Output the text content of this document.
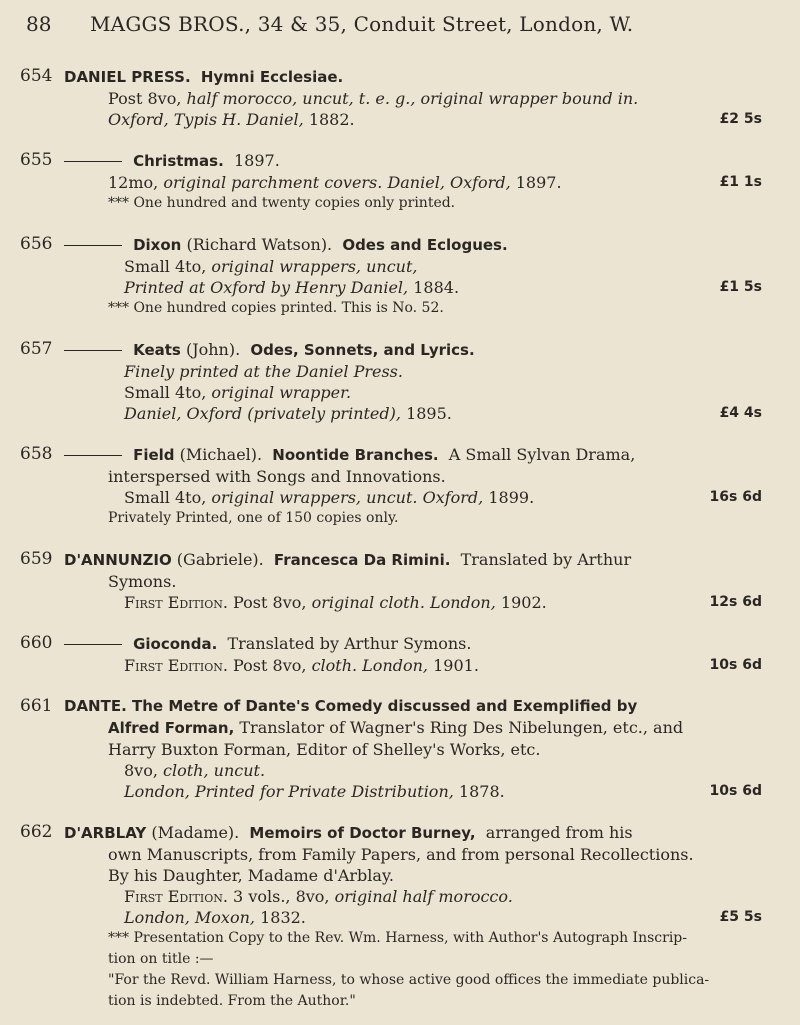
88	MAGGS BROS., 34 & 35, Conduit Street, London, W.
654 DANIEL PRESS. Hymni Ecclesiae.
Post 8vo, half morocco, uncut, t. e. g., original wrapper bound in.
Oxford, Typis H. Daniel, 1882.	£2 5s
655	Christmas. 1897.
12mo, original parchment covers. Daniel, Oxford, 1897.	£1 1s
*** One hundred and twenty copies only printed.
656	Dixon (Richard Watson). Odes and Eclogues.
Small 4to, original wrappers, uncut,
Printed at Oxford by Henry Daniel, 1884.	£1 5s
*** One hundred copies printed. This is No. 52.
657	Keats (John). Odes, Sonnets, and Lyrics.
Finely printed at the Daniel Press.
Small 4to, original wrapper.
Daniel, Oxford (privately printed), 1895.	£4 4s
658	Field (Michael). Noontide Branches. A Small Sylvan Drama,
interspersed with Songs and Innovations.
Small 4to, original wrappers, uncut. Oxford, 1899.	16s 6d
Privately Printed, one of 150 copies only.
659 D'ANNUNZIO (Gabriele). Francesca Da Rimini. Translated by Arthur
Symons.
First Edition. Post 8vo, original cloth. London, 1902.	12s 6d
660	Gioconda. Translated by Arthur Symons.
First Edition. Post 8vo, cloth. London, 1901.	10s 6d
661 DANTE. The Metre of Dante's Comedy discussed and Exemplified by
Alfred Forman, Translator of Wagner's Ring Des Nibelungen, etc., and
Harry Buxton Forman, Editor of Shelley's Works, etc.
8vo, cloth, uncut.
London, Printed for Private Distribution, 1878.	10s 6d
662 D'ARBLAY (Madame). Memoirs of Doctor Burney, arranged from his
own Manuscripts, from Family Papers, and from personal Recollections.
By his Daughter, Madame d'Arblay.
First Edition. 3 vols., 8vo, original half morocco.
London, Moxon, 1832.	£5 5s
*** Presentation Copy to the Rev. Wm. Harness, with Author's Autograph Inscrip-
tion on title :—
"For the Revd. William Harness, to whose active good offices the immediate publica-
tion is indebted. From the Author."
